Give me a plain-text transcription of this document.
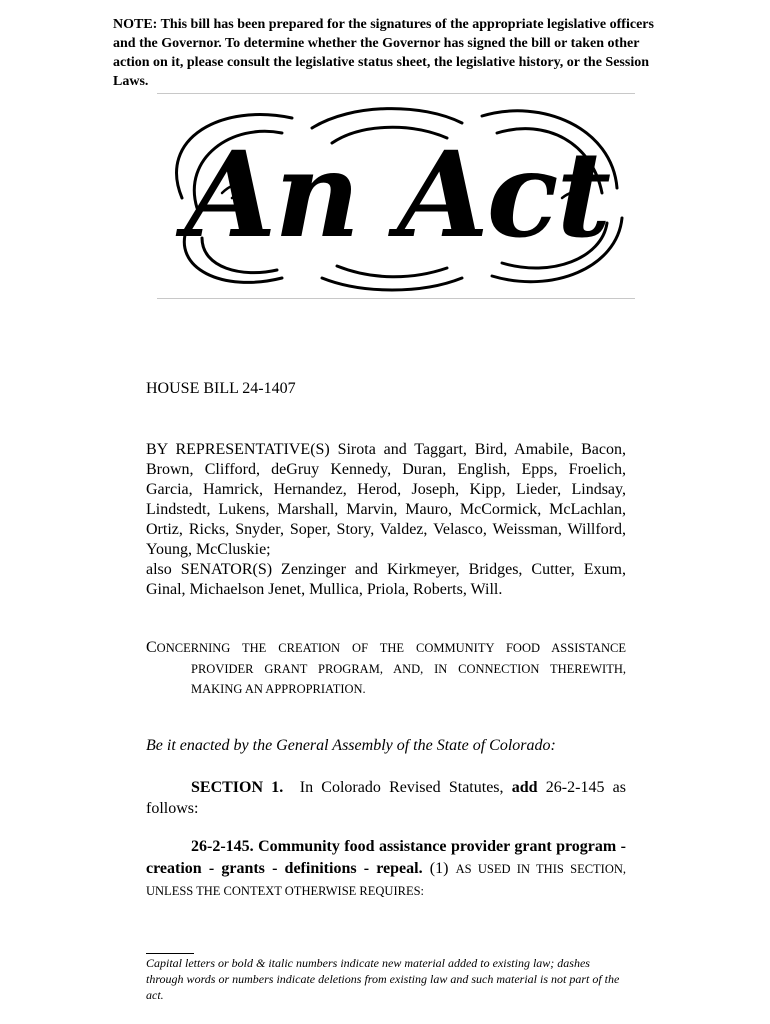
NOTE: This bill has been prepared for the signatures of the appropriate legislative officers and the Governor. To determine whether the Governor has signed the bill or taken other action on it, please consult the legislative status sheet, the legislative history, or the Session Laws.
An Act
HOUSE BILL 24-1407

BY REPRESENTATIVE(S) Sirota and Taggart, Bird, Amabile, Bacon, Brown, Clifford, deGruy Kennedy, Duran, English, Epps, Froelich, Garcia, Hamrick, Hernandez, Herod, Joseph, Kipp, Lieder, Lindsay, Lindstedt, Lukens, Marshall, Marvin, Mauro, McCormick, McLachlan, Ortiz, Ricks, Snyder, Soper, Story, Valdez, Velasco, Weissman, Willford, Young, McCluskie;

also SENATOR(S) Zenzinger and Kirkmeyer, Bridges, Cutter, Exum, Ginal, Michaelson Jenet, Mullica, Priola, Roberts, Will.

CONCERNING THE CREATION OF THE COMMUNITY FOOD ASSISTANCE PROVIDER GRANT PROGRAM, AND, IN CONNECTION THEREWITH, MAKING AN APPROPRIATION.
Be it enacted by the General Assembly of the State of Colorado:
SECTION 1. In Colorado Revised Statutes, add 26-2-145 as follows:
26-2-145. Community food assistance provider grant program - creation - grants - definitions - repeal. (1) AS USED IN THIS SECTION, UNLESS THE CONTEXT OTHERWISE REQUIRES:
Capital letters or bold & italic numbers indicate new material added to existing law; dashes through words or numbers indicate deletions from existing law and such material is not part of the act.
